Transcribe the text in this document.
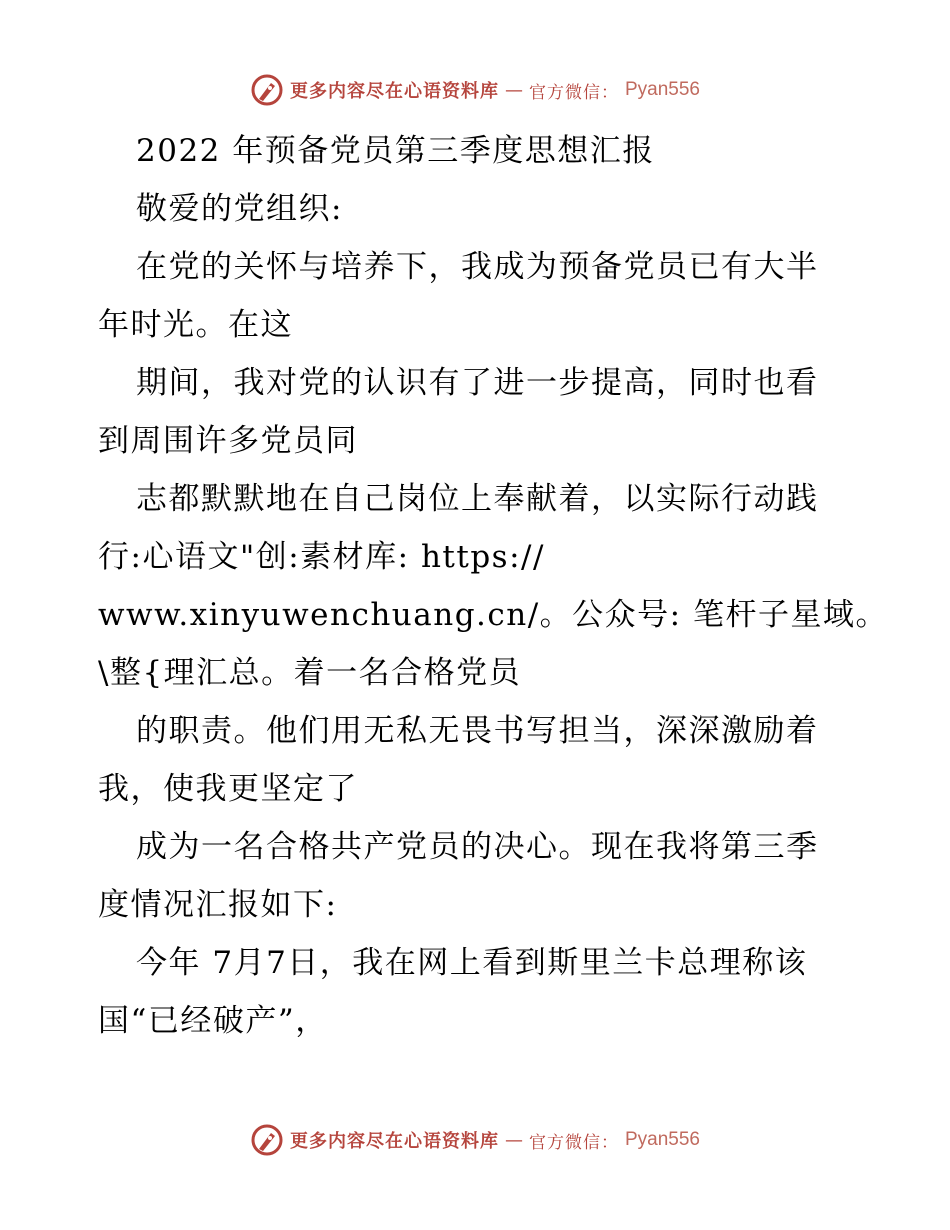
更多内容尽在心语资料库 — 官方微信： Pyan556
2022 年预备党员第三季度思想汇报
敬爱的党组织:
在党的关怀与培养下，我成为预备党员已有大半
年时光。在这
期间，我对党的认识有了进一步提高，同时也看
到周围许多党员同
志都默默地在自己岗位上奉献着，以实际行动践
行:心语文"创:素材库: https://
www.xinyuwenchuang.cn/。公众号: 笔杆子星域。
\整{理汇总。着一名合格党员
的职责。他们用无私无畏书写担当，深深激励着
我，使我更坚定了
成为一名合格共产党员的决心。现在我将第三季
度情况汇报如下:
今年 7月7日，我在网上看到斯里兰卡总理称该
国“已经破产”，
更多内容尽在心语资料库 — 官方微信： Pyan556
